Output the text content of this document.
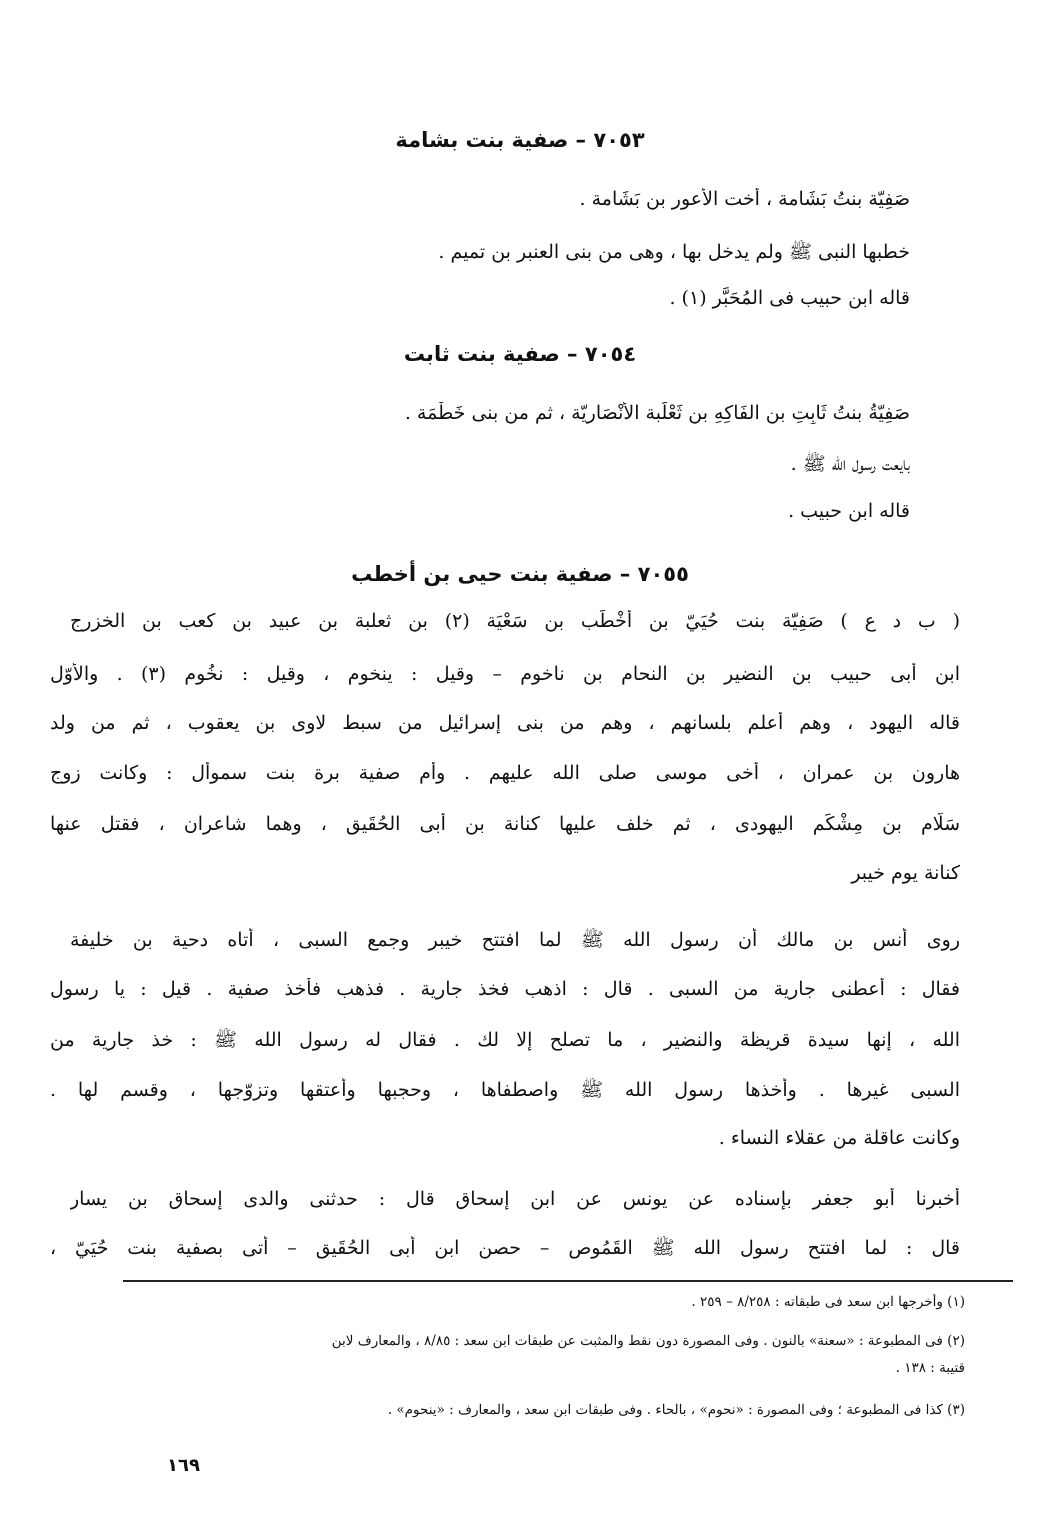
٧٠٥٣ – صفية بنت بشامة
صَفِيّة بنتُ بَشَامة ، أُخت الأَعور بن بَشَامة .
خطبها النبى ﷺ ولم يدخل بها ، وهى من بنى العنبر بن تميم .
قاله ابن حبيب فى المُحَبَّر (١) .
٧٠٥٤ – صفية بنت ثابت
صَفِيّةُ بنتُ ثَابِتِ بنِ الفَاكِهِ بن ثَعْلَبة الأَنْصَارِيّة ، ثم من بنى خَطْمَة .
بايعت رسول الله ﷺ .
قاله ابن حبيب .
٧٠٥٥ – صفية بنت حيى بن أخطب
( ب د ع ) صَفِيّة بنت حُيَيّ بن أَخْطَب بن سَعْيَة (٢) بن ثعلبة بن عبيد بن كعب بن الخزرج
ابن أبى حبيب بن النضير بن النحام بن ناخوم – وقيل : ينخوم ، وقيل : نخُوم (٣) . والأَوّل
قاله اليهود ، وهم أعلم بلسانهم ، وهم من بنى إسرائيل من سبط لاوى بن يعقوب ، ثم من ولد
هارون بن عمران ، أخى موسى صلى الله عليهم . وأُم صفية برة بنت سموأل : وكانت زوج
سَلّام بن مِشْكَم اليهودى ، ثم خلف عليها كنانة بن أَبى الحُقَيق ، وهما شاعران ، فقتل عنها
كنانة يوم خيبر
روى أنس بن مالك أن رسول الله ﷺ لما افتتح خيبر وجمع السبى ، أتاه دحية بن خليفة
فقال : أعطنى جارية من السبى . قال : اذهب فخذ جارية . فذهب فأَخذ صفية . قيل : يا رسول
الله ، إنها سيدة قريظة والنضير ، ما تصلح إلا لك . فقال له رسول الله ﷺ : خذ جارية من
السبى غيرها . وأَخذها رسول الله ﷺ واصطفاها ، وحجبها وأَعتقها وتزوّجها ، وقسم لها .
وكانت عاقلة من عقلاء النساء .
أَخبرنا أَبو جعفر بإِسناده عن يونس عن ابن إسحاق قال : حدثنى والدى إسحاق بن يسار
قال : لما افتتح رسول الله ﷺ القَمُوص – حصن ابن أَبى الحُقَيق – أُتى بصفية بنت حُيَيّ ،
(١) وأخرجها ابن سعد فى طبقاته : ٨/٢٥٨ – ٢٥٩ .
(٢) فى المطبوعة : «سعنة» بالنون . وفى المصورة دون نقط والمثبت عن طبقات ابن سعد : ٨/٨٥ ، والمعارف لابن
قتيبة : ١٣٨ .
(٣) كذا فى المطبوعة ؛ وفى المصورة : «نحوم» ، بالحاء . وفى طبقات ابن سعد ، والمعارف : «ينحوم» .
١٦٩
